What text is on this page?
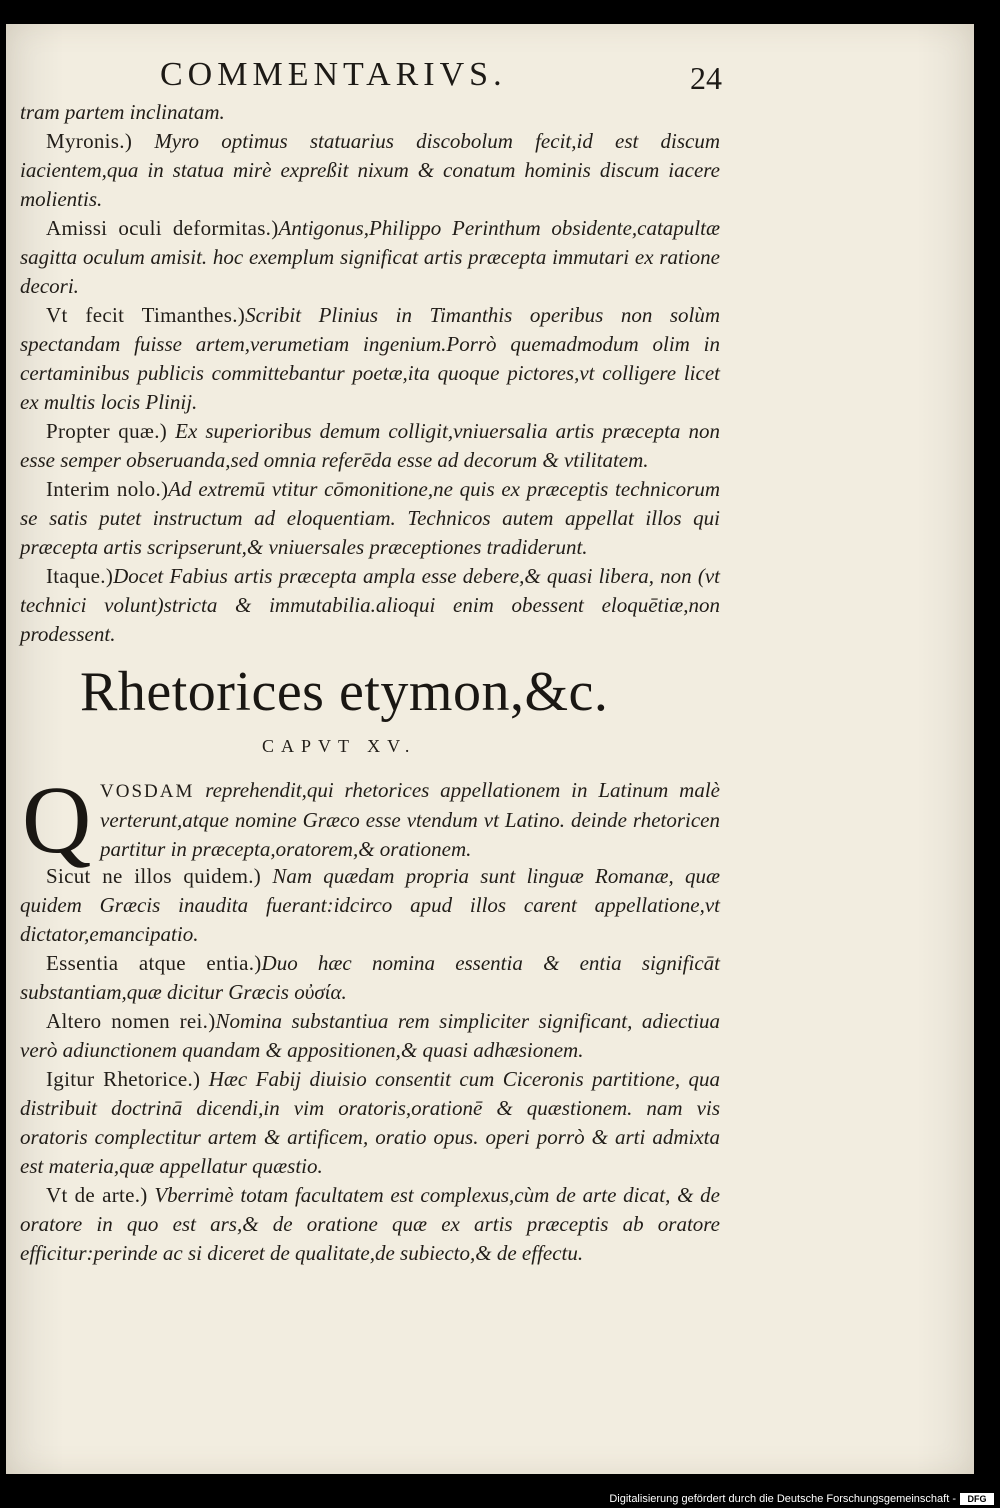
COMMENTARIVS.	24

tram partem inclinatam.

Myronis.) Myro optimus statuarius discobolum fecit,id est discum iacientem,qua in statua mirè expreßit nixum & conatum hominis discum iacere molientis.

Amissi oculi deformitas.)Antigonus,Philippo Perinthum obsidente,catapultæ sagitta oculum amisit. hoc exemplum significat artis præcepta immutari ex ratione decori.

Vt fecit Timanthes.)Scribit Plinius in Timanthis operibus non solùm spectandam fuisse artem,verumetiam ingenium.Porrò quemadmodum olim in certaminibus publicis committebantur poetæ,ita quoque pictores,vt colligere licet ex multis locis Plinij.

Propter quæ.) Ex superioribus demum colligit,vniuersalia artis præcepta non esse semper obseruanda,sed omnia referēda esse ad decorum & vtilitatem.

Interim nolo.)Ad extremū vtitur cōmonitione,ne quis ex præceptis technicorum se satis putet instructum ad eloquentiam. Technicos autem appellat illos qui præcepta artis scripserunt,& vniuersales præceptiones tradiderunt.

Itaque.)Docet Fabius artis præcepta ampla esse debere,& quasi libera, non (vt technici volunt)stricta & immutabilia.alioqui enim obessent eloquētiæ,non prodessent.

Rhetorices etymon,&c.
CAPVT XV.
Q VOSDAM reprehendit,qui rhetorices appellationem in Latinum malè verterunt,atque nomine Græco esse vtendum vt Latino. deinde rhetoricen partitur in præcepta,oratorem,& orationem.

Sicut ne illos quidem.) Nam quædam propria sunt linguæ Romanæ, quæ quidem Græcis inaudita fuerant:idcirco apud illos carent appellatione,vt dictator,emancipatio.

Essentia atque entia.)Duo hæc nomina essentia & entia significāt substantiam,quæ dicitur Græcis οὐσία.

Altero nomen rei.)Nomina substantiua rem simpliciter significant, adiectiua verò adiunctionem quandam & appositionen,& quasi adhæsionem.

Igitur Rhetorice.) Hæc Fabij diuisio consentit cum Ciceronis partitione, qua distribuit doctrinā dicendi,in vim oratoris,orationē & quæstionem. nam vis oratoris complectitur artem & artificem, oratio opus. operi porrò & arti admixta est materia,quæ appellatur quæstio.

Vt de arte.) Vberrimè totam facultatem est complexus,cùm de arte dicat, & de oratore in quo est ars,& de oratione quæ ex artis præceptis ab oratore efficitur:perinde ac si diceret de qualitate,de subiecto,& de effectu.

Digitalisierung gefördert durch die Deutsche Forschungsgemeinschaft -	DFG
